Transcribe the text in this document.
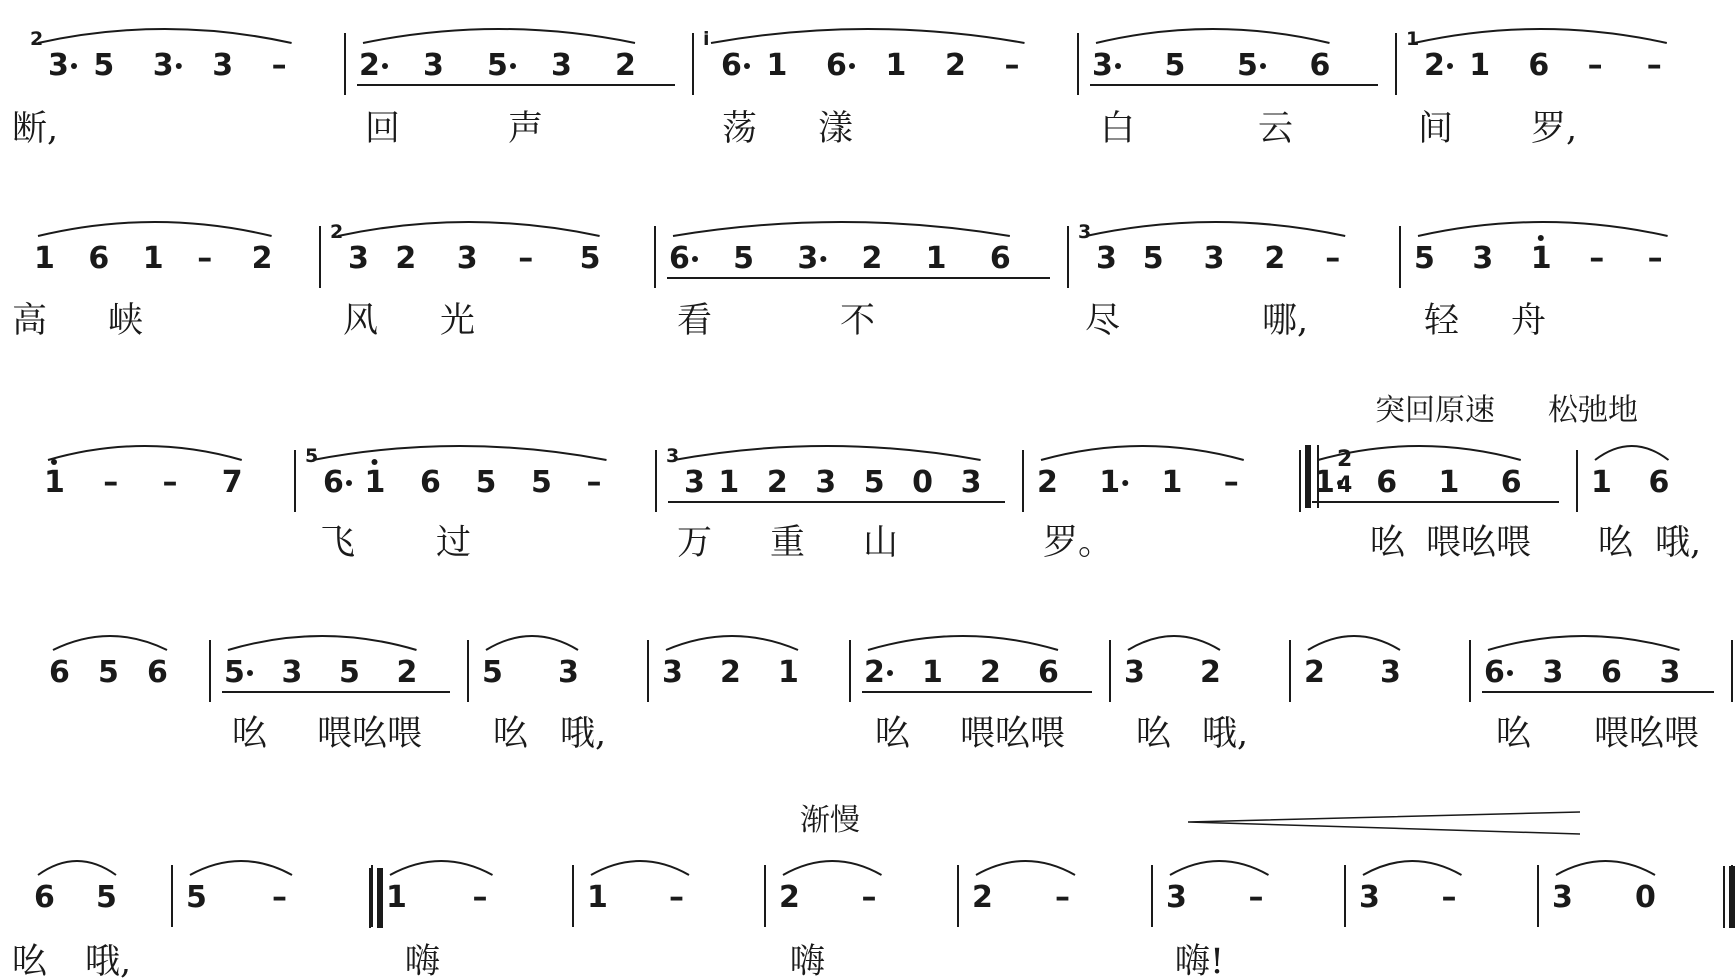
2
3 5 3 3 – 2 3 5 3 2
i
6 1 6 1 2 – 3 5 5 6
1
2 1 6 – –
1 6 1 – 2
2
3 2 3 – 5 6 5 3 2 1 6
3
3 5 3 2 – 5 3 1 – –
1 – – 7
5
6 1 6 5 5 –
3
3 1 2 3 5 0 3 2 1 1 –	1 6 1 6 1 6
6 5 6 5 3 5 2 5 3	3 2 1 2 1 2 6 3 2	2 3	6 3 6 3
6 5 5 –	1 –	1 –	2 –	2 –	3 –	3 –	3 0
突回原速 松弛地
渐慢
2
4
断,	回	声	荡 漾	白	云	间 罗,
高 峡	风 光	看	不	尽	哪,	轻 舟
飞 过	万 重 山	罗。	吆 喂吆喂 吆 哦,
吆 喂吆喂 吆 哦,	吆 喂吆喂 吆 哦,	吆 喂吆喂
吆 哦,	嗨	嗨	嗨!
